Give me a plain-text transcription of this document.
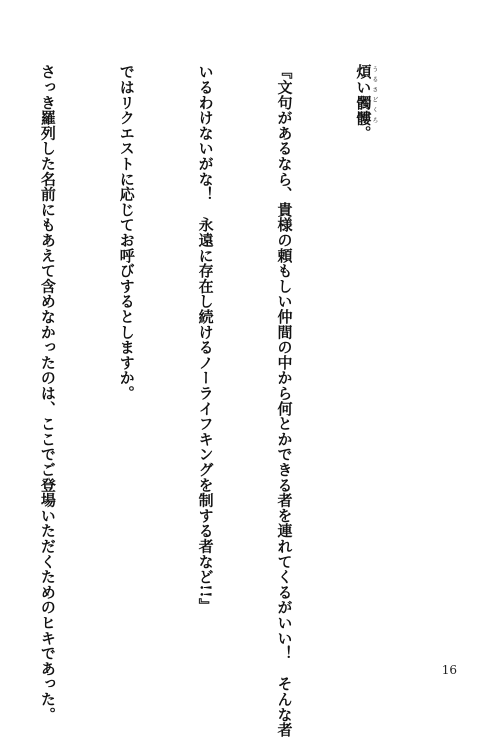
煩いうるさ髑髏どくろ。

『文句があるなら、貴様の頼もしい仲間の中から何とかできる者を連れてくるがいい！　そんな者

いるわけないがな！　永遠に存在し続けるノーライフキングを制する者など!!』

ではリクエストに応じてお呼びするとしますか。

さっき羅列した名前にもあえて含めなかったのは、ここでご登場いただくためのヒキであった。

	16
